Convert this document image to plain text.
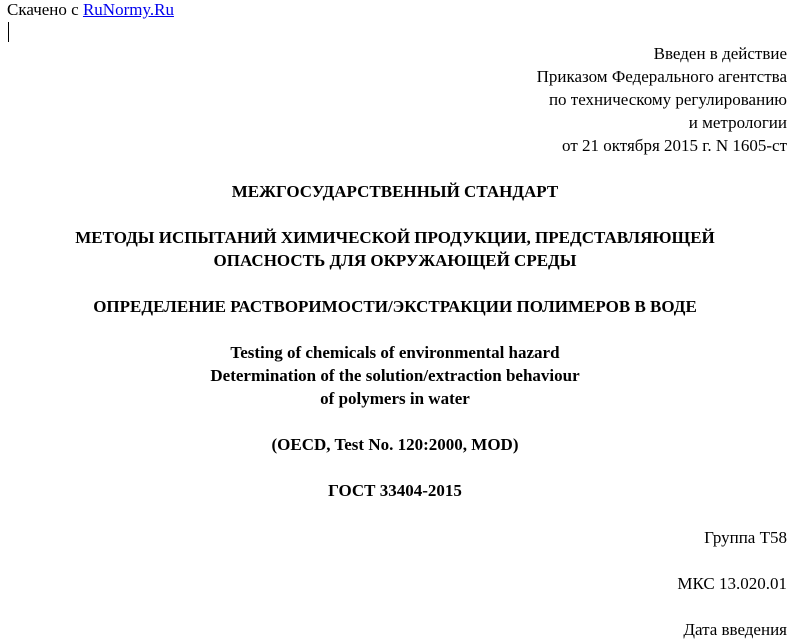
Скачено с RuNormy.Ru
Введен в действие
Приказом Федерального агентства
по техническому регулированию
и метрологии
от 21 октября 2015 г. N 1605-ст
МЕЖГОСУДАРСТВЕННЫЙ СТАНДАРТ
МЕТОДЫ ИСПЫТАНИЙ ХИМИЧЕСКОЙ ПРОДУКЦИИ, ПРЕДСТАВЛЯЮЩЕЙ
ОПАСНОСТЬ ДЛЯ ОКРУЖАЮЩЕЙ СРЕДЫ
ОПРЕДЕЛЕНИЕ РАСТВОРИМОСТИ/ЭКСТРАКЦИИ ПОЛИМЕРОВ В ВОДЕ
Testing of chemicals of environmental hazard
Determination of the solution/extraction behaviour
of polymers in water
(OECD, Test No. 120:2000, MOD)
ГОСТ 33404-2015
Группа Т58
МКС 13.020.01
Дата введения
